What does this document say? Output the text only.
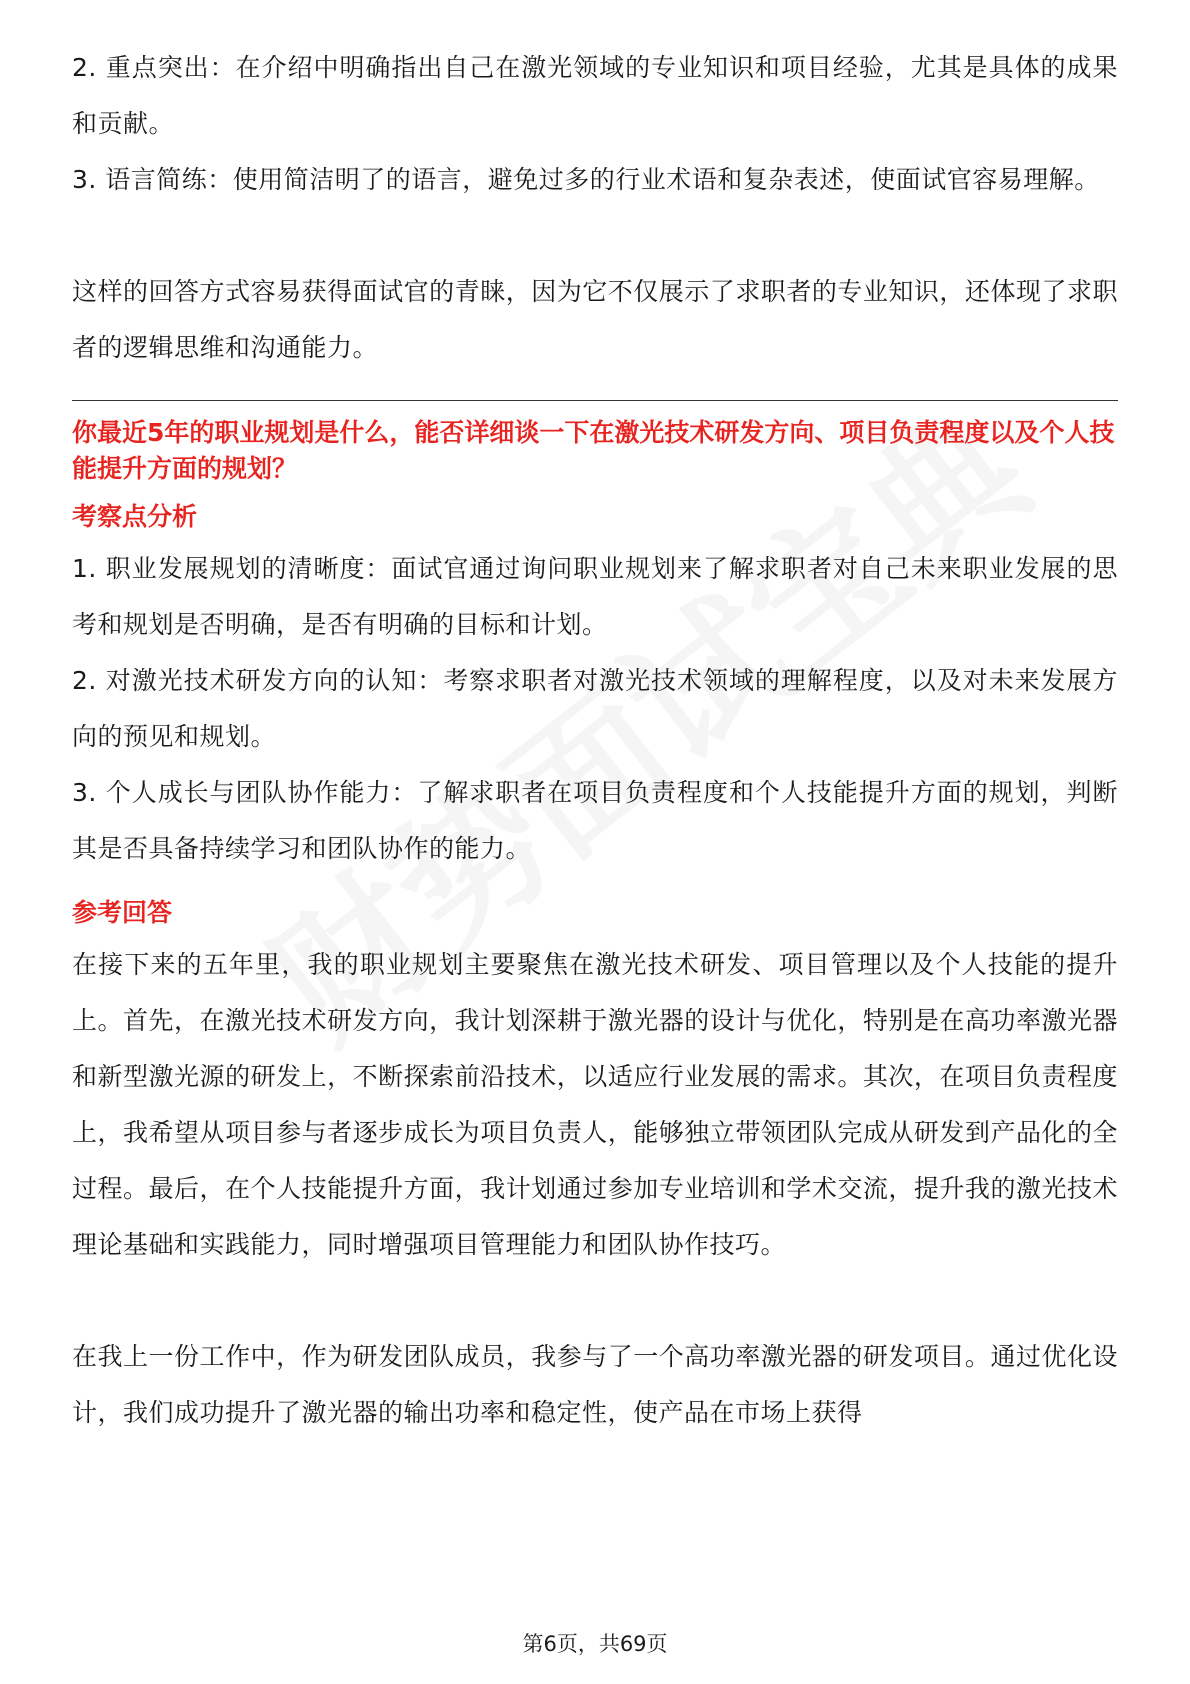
2. 重点突出：在介绍中明确指出自己在激光领域的专业知识和项目经验，尤其是具体的成果和贡献。

3. 语言简练：使用简洁明了的语言，避免过多的行业术语和复杂表述，使面试官容易理解。

这样的回答方式容易获得面试官的青睐，因为它不仅展示了求职者的专业知识，还体现了求职者的逻辑思维和沟通能力。

你最近5年的职业规划是什么，能否详细谈一下在激光技术研发方向、项目负责程度以及个人技能提升方面的规划？
考察点分析

1. 职业发展规划的清晰度：面试官通过询问职业规划来了解求职者对自己未来职业发展的思考和规划是否明确，是否有明确的目标和计划。

2. 对激光技术研发方向的认知：考察求职者对激光技术领域的理解程度，以及对未来发展方向的预见和规划。

3. 个人成长与团队协作能力：了解求职者在项目负责程度和个人技能提升方面的规划，判断其是否具备持续学习和团队协作的能力。

参考回答

在接下来的五年里，我的职业规划主要聚焦在激光技术研发、项目管理以及个人技能的提升上。首先，在激光技术研发方向，我计划深耕于激光器的设计与优化，特别是在高功率激光器和新型激光源的研发上，不断探索前沿技术，以适应行业发展的需求。其次，在项目负责程度上，我希望从项目参与者逐步成长为项目负责人，能够独立带领团队完成从研发到产品化的全过程。最后，在个人技能提升方面，我计划通过参加专业培训和学术交流，提升我的激光技术理论基础和实践能力，同时增强项目管理能力和团队协作技巧。

在我上一份工作中，作为研发团队成员，我参与了一个高功率激光器的研发项目。通过优化设计，我们成功提升了激光器的输出功率和稳定性，使产品在市场上获得

第6页，共69页
